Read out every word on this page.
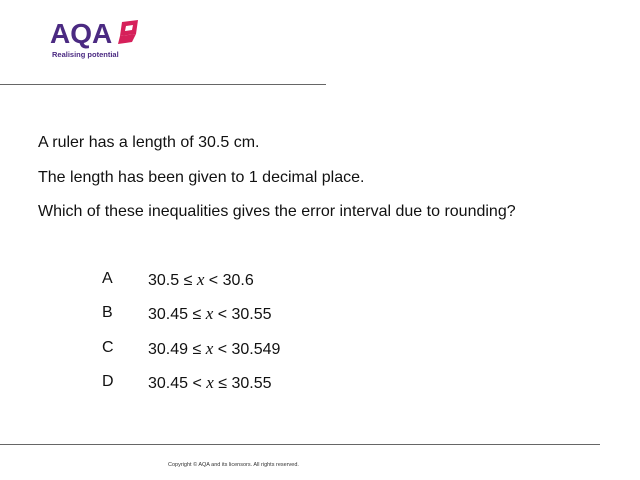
AQA
Realising potential
A ruler has a length of 30.5 cm.
The length has been given to 1 decimal place.
Which of these inequalities gives the error interval due to rounding?
A 30.5 ≤ x < 30.6
B 30.45 ≤ x < 30.55
C 30.49 ≤ x < 30.549
D 30.45 < x ≤ 30.55
Copyright © AQA and its licensors. All rights reserved.
